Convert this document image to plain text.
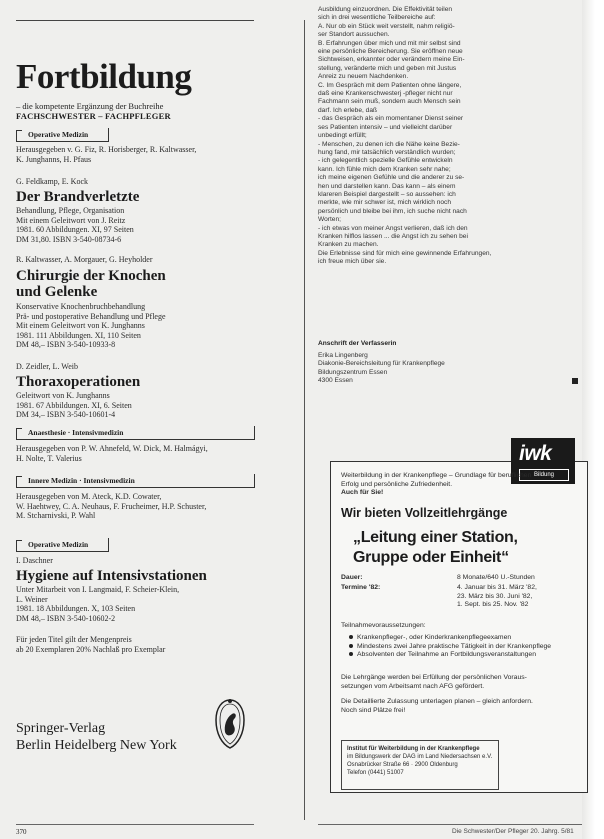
Fortbildung
– die kompetente Ergänzung der Buchreihe
FACHSCHWESTER – FACHPFLEGER
Operative Medizin
Herausgegeben v. G. Fiz, R. Horisberger, R. Kaltwasser,
K. Junghanns, H. Pfaus
G. Feldkamp, E. Kock
Der Brandverletzte
Behandlung, Pflege, Organisation
Mit einem Geleitwort von J. Reitz
1981. 60 Abbildungen. XI, 97 Seiten
DM 31,80. ISBN 3-540-08734-6
R. Kaltwasser, A. Morgauer, G. Heyholder
Chirurgie der Knochen
und Gelenke
Konservative Knochenbruchbehandlung
Prä- und postoperative Behandlung und Pflege
Mit einem Geleitwort von K. Junghanns
1981. 111 Abbildungen. XI, 110 Seiten
DM 48,– ISBN 3-540-10933-8
D. Zeidler, L. Weib
Thoraxoperationen
Geleitwort von K. Junghanns
1981. 67 Abbildungen. XI, 6. Seiten
DM 34,– ISBN 3-540-10601-4
Anaesthesie · Intensivmedizin
Herausgegeben von P. W. Ahnefeld, W. Dick, M. Halmágyi,
H. Nolte, T. Valerius
Innere Medizin · Intensivmedizin
Herausgegeben von M. Ateck, K.D. Cowater,
W. Haehtwey, C. A. Neuhaus, F. Frucheimer, H.P. Schuster,
M. Stcharnivski, P. Wahl
Operative Medizin
I. Daschner
Hygiene auf Intensivstationen
Unter Mitarbeit von I. Langmaid, F. Scheier-Klein,
L. Weiner
1981. 18 Abbildungen. X, 103 Seiten
DM 48,– ISBN 3-540-10602-2
Für jeden Titel gilt der Mengenpreis
ab 20 Exemplaren 20% Nachlaß pro Exemplar
Springer-Verlag
Berlin Heidelberg New York
370
Ausbildung einzuordnen. Die Effektivität teilen
sich in drei wesentliche Teilbereiche auf:
A. Nur ob ein Stück weit verstellt, nahm religiö-
ser Standort aussuchen.
B. Erfahrungen über mich und mit mir selbst sind
eine persönliche Bereicherung. Sie eröffnen neue
Sichtweisen, erkannter oder verändern meine Ein-
stellung, veränderte mich und geben mit Justus
Anreiz zu neuem Nachdenken.
C. Im Gespräch mit dem Patienten ohne längere,
daß eine Krankenschwesterj -pfleger nicht nur
Fachmann sein muß, sondern auch Mensch sein
darf. Ich erlebe, daß
- das Gespräch als ein momentaner Dienst seiner
ses Patienten intensiv – und vielleicht darüber
unbedingt erfüllt;
- Menschen, zu denen ich die Nähe keine Bezie-
hung fand, mir tatsächlich verständlich wurden;
- ich gelegentlich spezielle Gefühle entwickeln
kann. Ich fühle mich dem Kranken sehr nahe;
ich meine eigenen Gefühle und die anderer zu se-
hen und darstellen kann. Das kann – als einem
klareren Beispiel dargestellt – so aussehen: ich
merkte, wie mir schwer ist, mich wirklich noch
persönlich und bleibe bei ihm, ich suche nicht nach
Worten;
- ich etwas von meiner Angst verlieren, daß ich den
Kranken hilflos lassen ... die Angst ich zu sehen bei
Kranken zu machen.
Die Erlebnisse sind für mich eine gewinnende Erfahrungen,
ich freue mich über sie.
Anschrift der Verfasserin
Erika Lingenberg
Diakonie-Bereichsleitung für Krankenpflege
Bildungszentrum Essen
4300 Essen
iwk
Bildung
Weiterbildung in der Krankenpflege – Grundlage für beruflichen
Erfolg und persönliche Zufriedenheit.
Auch für Sie!
Wir bieten Vollzeitlehrgänge
„Leitung einer Station,
Gruppe oder Einheit“
Dauer:	8 Monate/640 U.-Stunden
Termine '82:	4. Januar bis 31. März '82,
23. März bis 30. Juni '82,
1. Sept. bis 25. Nov. '82
Teilnahmevoraussetzungen:
Krankenpfleger-, oder Kinderkrankenpflegeexamen
Mindestens zwei Jahre praktische Tätigkeit in der Krankenpflege
Absolventen der Teilnahme an Fortbildungsveranstaltungen
Die Lehrgänge werden bei Erfüllung der persönlichen Voraus-
setzungen vom Arbeitsamt nach AFG gefördert.
Die Detaillierte Zulassung unterlagen planen – gleich anfordern.
Noch sind Plätze frei!
Institut für Weiterbildung in der Krankenpflege
im Bildungswerk der DAG im Land Niedersachsen e.V.
Osnabrücker Straße 66 · 2900 Oldenburg
Telefon (0441) 51007
Die Schwester/Der Pfleger 20. Jahrg. 5/81
